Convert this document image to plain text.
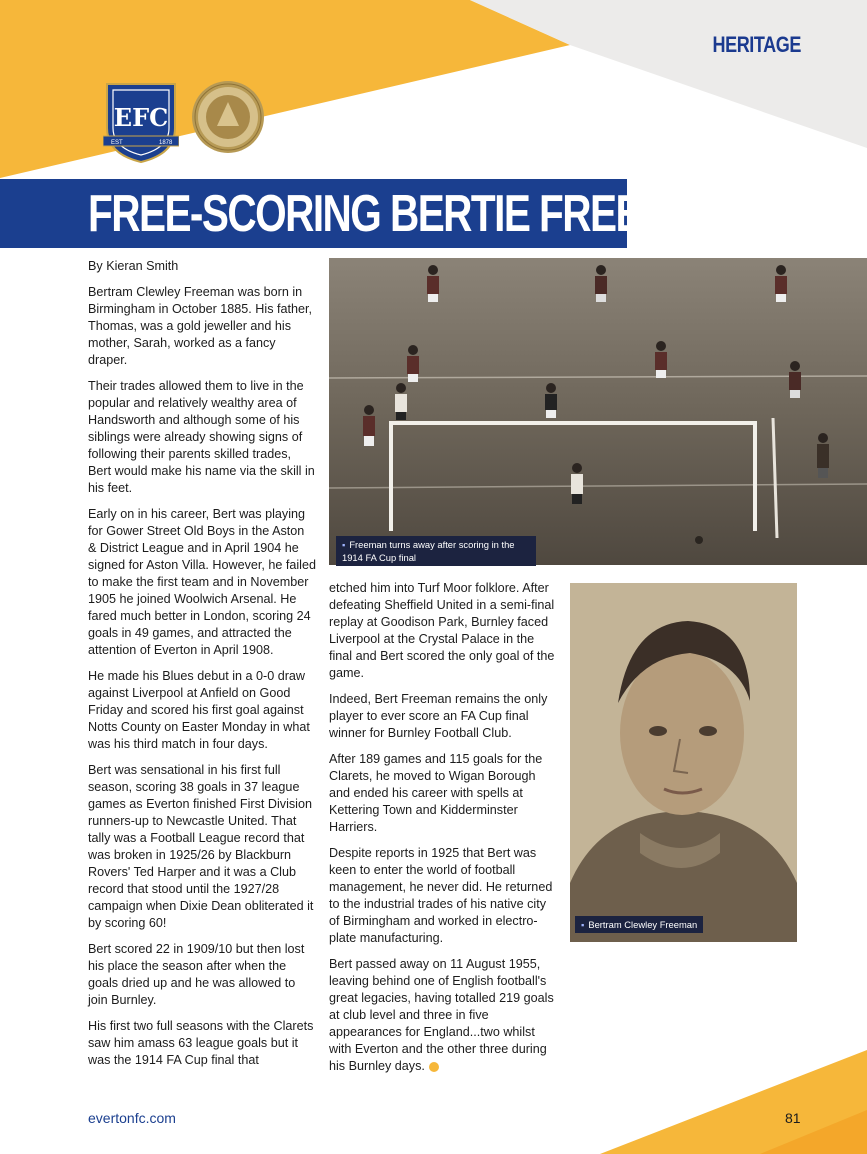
HERITAGE
EFC
EST	1878
FREE-SCORING BERTIE FREEMAN

By Kieran Smith

Bertram Clewley Freeman was born in Birmingham in October 1885. His father, Thomas, was a gold jeweller and his mother, Sarah, worked as a fancy draper.

Their trades allowed them to live in the popular and relatively wealthy area of Handsworth and although some of his siblings were already showing signs of following their parents skilled trades, Bert would make his name via the skill in his feet.

Early on in his career, Bert was playing for Gower Street Old Boys in the Aston & District League and in April 1904 he signed for Aston Villa. However, he failed to make the first team and in November 1905 he joined Woolwich Arsenal. He fared much better in London, scoring 24 goals in 49 games, and attracted the attention of Everton in April 1908.

He made his Blues debut in a 0-0 draw against Liverpool at Anfield on Good Friday and scored his first goal against Notts County on Easter Monday in what was his third match in four days.

Bert was sensational in his first full season, scoring 38 goals in 37 league games as Everton finished First Division runners-up to Newcastle United. That tally was a Football League record that was broken in 1925/26 by Blackburn Rovers' Ted Harper and it was a Club record that stood until the 1927/28 campaign when Dixie Dean obliterated it by scoring 60!

Bert scored 22 in 1909/10 but then lost his place the season after when the goals dried up and he was allowed to join Burnley.

His first two full seasons with the Clarets saw him amass 63 league goals but it was the 1914 FA Cup final that

▪ Freeman turns away after scoring in the 1914 FA Cup final

etched him into Turf Moor folklore. After defeating Sheffield United in a semi-final replay at Goodison Park, Burnley faced Liverpool at the Crystal Palace in the final and Bert scored the only goal of the game.

Indeed, Bert Freeman remains the only player to ever score an FA Cup final winner for Burnley Football Club.

After 189 games and 115 goals for the Clarets, he moved to Wigan Borough and ended his career with spells at Kettering Town and Kidderminster Harriers.

Despite reports in 1925 that Bert was keen to enter the world of football management, he never did. He returned to the industrial trades of his native city of Birmingham and worked in electro-plate manufacturing.

Bert passed away on 11 August 1955, leaving behind one of English football's great legacies, having totalled 219 goals at club level and three in five appearances for England...two whilst with Everton and the other three during his Burnley days.

▪ Bertram Clewley Freeman
evertonfc.com	81
